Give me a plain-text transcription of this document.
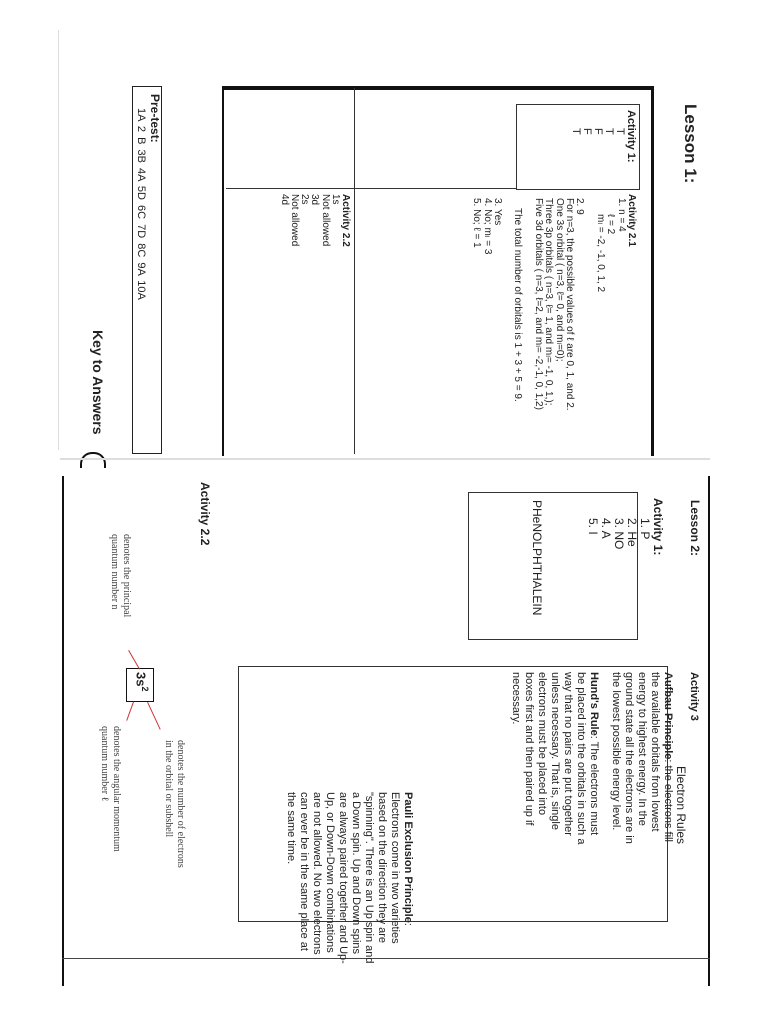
Lesson 1:
Activity 1:
T
T
F
F
T
Activity 2.1
1. n = 4
ℓ = 2
mₗ = -2, -1, 0, 1, 2
2. 9
For n=3, the possible values of ℓ are 0, 1, and 2.
One 3s orbital ( n=3, ℓ= 0, and mₗ=0);
Three 3p orbitals ( n=3, ℓ= 1, and mₗ= -1, 0, 1,);
Five 3d orbitals ( n=3, ℓ=2, and mₗ= -2,-1, 0, 1,2)
The total number of orbitals is 1 + 3 + 5 = 9.
3. Yes
4. No; mₗ = 3
5. No; ℓ = 1
Activity 2.2
1s
Not allowed
3d
2s
Not allowed
4d
Pre-test:
1A 2 B 3B 4A 5D 6C 7D 8C 9A 10A
Key to Answers
Lesson 2:
Activity 1:
1. P
2. He
3. NO
4. A
5. I
PHeNOLPHTHALEIN
Activity 2.2
$3s^2$
denotes the principal
quantum number n
denotes the number of electrons
in the orbital or subshell
denotes the angular momentum
quantum number ℓ
Activity 3
Electron Rules
Aufbau Principle: the electrons fill
the available orbitals from lowest
energy to highest energy. In the
ground state all the electrons are in
the lowest possible energy level.
Hund's Rule: The electrons must
be placed into the orbitals in such a
way that no pairs are put together
unless necessary. That is, single
electrons must be placed into
boxes first and then paired up if
necessary.
Pauli Exclusion Principle:
Electrons come in two varieties
based on the direction they are
"spinning". There is an Up spin and
a Down spin. Up and Down spins
are always paired together and Up-
Up, or Down-Down combinations
are not allowed. No two electrons
can ever be in the same place at
the same time.
